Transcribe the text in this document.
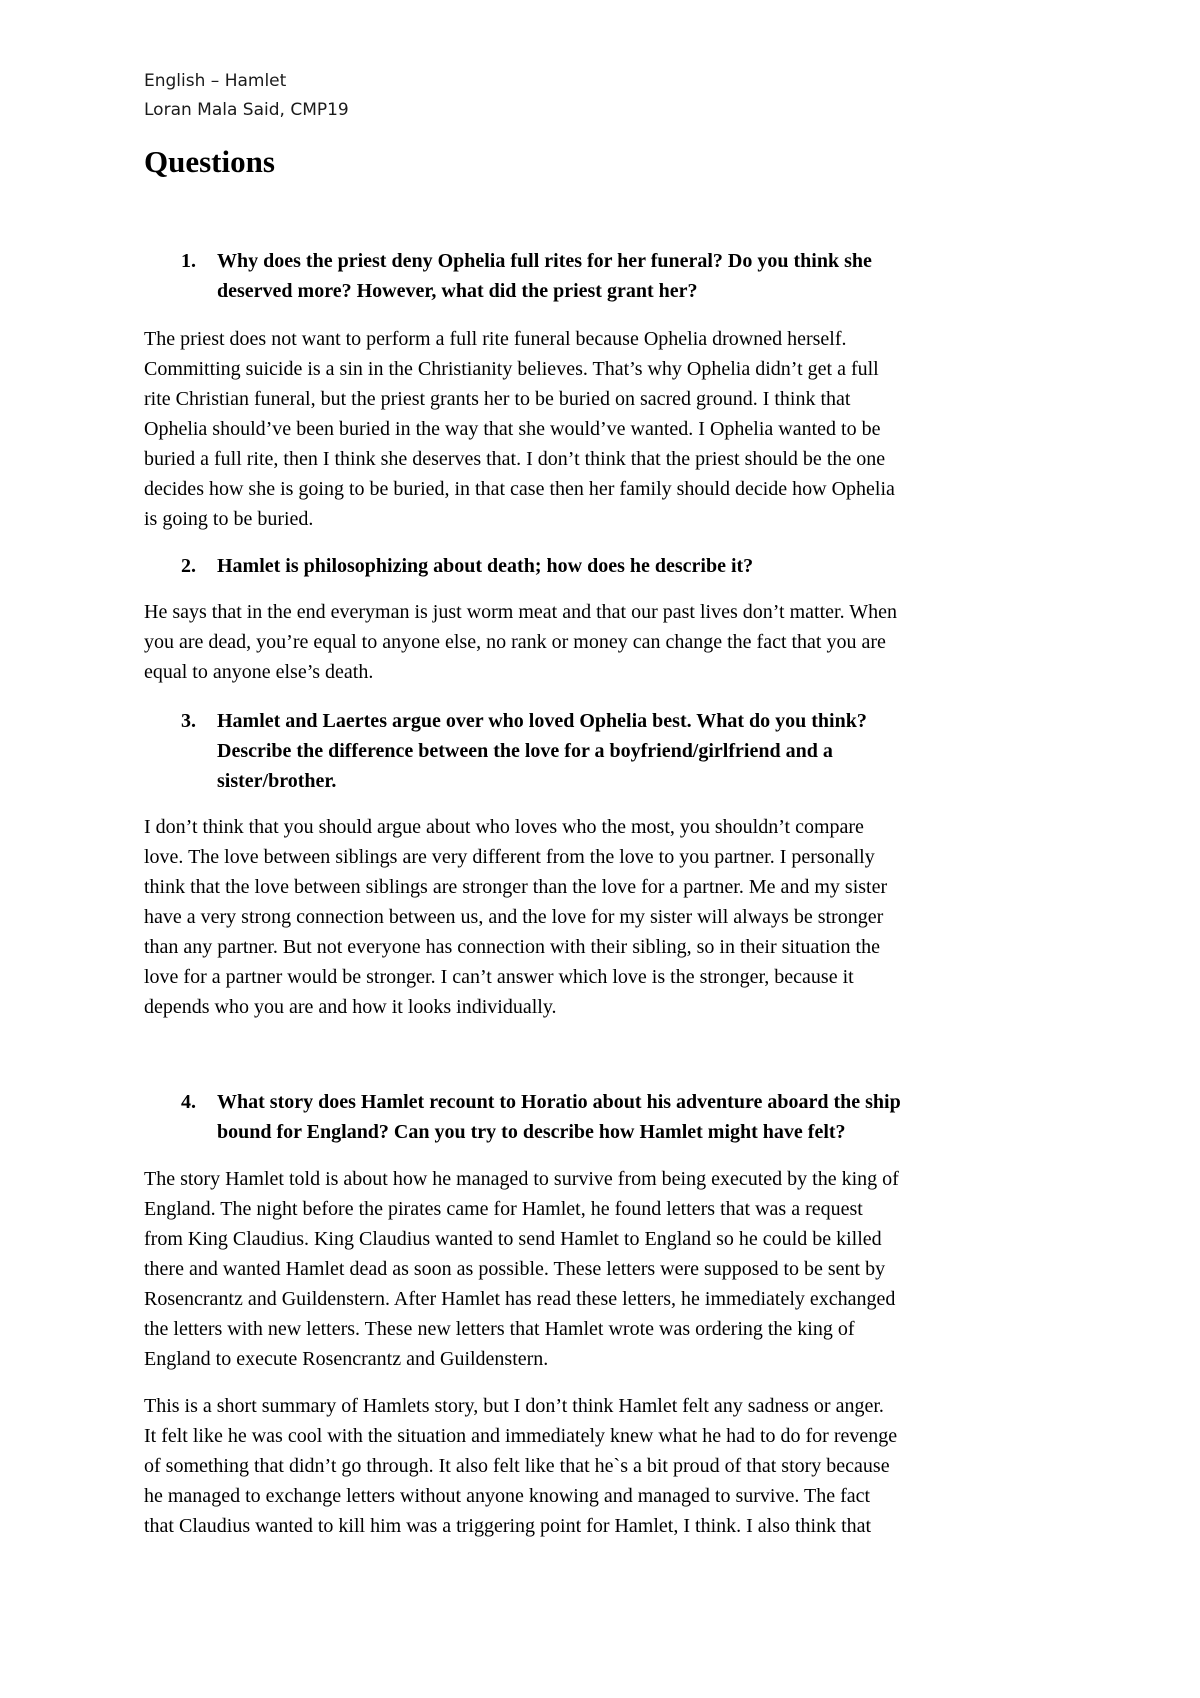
English – Hamlet
Loran Mala Said, CMP19
Questions
1. Why does the priest deny Ophelia full rites for her funeral? Do you think she
deserved more? However, what did the priest grant her?
The priest does not want to perform a full rite funeral because Ophelia drowned herself.
Committing suicide is a sin in the Christianity believes. That’s why Ophelia didn’t get a full
rite Christian funeral, but the priest grants her to be buried on sacred ground. I think that
Ophelia should’ve been buried in the way that she would’ve wanted. I Ophelia wanted to be
buried a full rite, then I think she deserves that. I don’t think that the priest should be the one
decides how she is going to be buried, in that case then her family should decide how Ophelia
is going to be buried.
2. Hamlet is philosophizing about death; how does he describe it?
He says that in the end everyman is just worm meat and that our past lives don’t matter. When
you are dead, you’re equal to anyone else, no rank or money can change the fact that you are
equal to anyone else’s death.
3. Hamlet and Laertes argue over who loved Ophelia best. What do you think?
Describe the difference between the love for a boyfriend/girlfriend and a
sister/brother.
I don’t think that you should argue about who loves who the most, you shouldn’t compare
love. The love between siblings are very different from the love to you partner. I personally
think that the love between siblings are stronger than the love for a partner. Me and my sister
have a very strong connection between us, and the love for my sister will always be stronger
than any partner. But not everyone has connection with their sibling, so in their situation the
love for a partner would be stronger. I can’t answer which love is the stronger, because it
depends who you are and how it looks individually.
4. What story does Hamlet recount to Horatio about his adventure aboard the ship
bound for England? Can you try to describe how Hamlet might have felt?
The story Hamlet told is about how he managed to survive from being executed by the king of
England. The night before the pirates came for Hamlet, he found letters that was a request
from King Claudius. King Claudius wanted to send Hamlet to England so he could be killed
there and wanted Hamlet dead as soon as possible. These letters were supposed to be sent by
Rosencrantz and Guildenstern. After Hamlet has read these letters, he immediately exchanged
the letters with new letters. These new letters that Hamlet wrote was ordering the king of
England to execute Rosencrantz and Guildenstern.
This is a short summary of Hamlets story, but I don’t think Hamlet felt any sadness or anger.
It felt like he was cool with the situation and immediately knew what he had to do for revenge
of something that didn’t go through. It also felt like that he`s a bit proud of that story because
he managed to exchange letters without anyone knowing and managed to survive. The fact
that Claudius wanted to kill him was a triggering point for Hamlet, I think. I also think that
